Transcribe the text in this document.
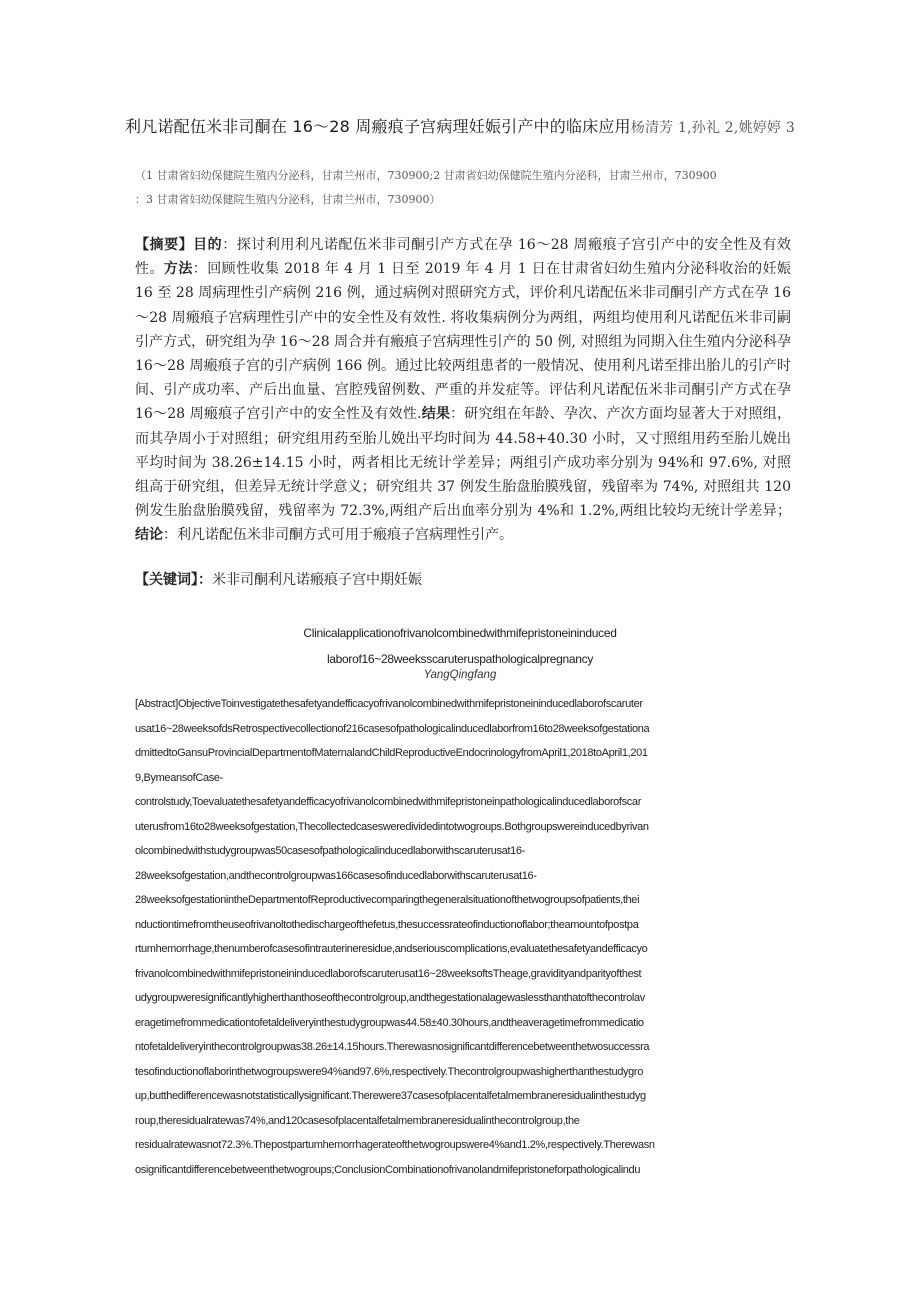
利凡诺配伍米非司酮在 16～28 周瘢痕子宫病理妊娠引产中的临床应用杨清芳 1,孙礼 2,姚婷婷 3
（1 甘肃省妇幼保健院生殖内分泌科，甘肃兰州市，730900;2 甘肃省妇幼保健院生殖内分泌科，甘肃兰州市，730900
：3 甘肃省妇幼保健院生殖内分泌科，甘肃兰州市，730900）
【摘要】目的：探讨利用利凡诺配伍米非司酮引产方式在孕 16～28 周瘢痕子宫引产中的安全性及有效性。方法：回顾性收集 2018 年 4 月 1 日至 2019 年 4 月 1 日在甘肃省妇幼生殖内分泌科收治的妊娠 16 至 28 周病理性引产病例 216 例，通过病例对照研究方式，评价利凡诺配伍米非司酮引产方式在孕 16～28 周瘢痕子宫病理性引产中的安全性及有效性. 将收集病例分为两组，两组均使用利凡诺配伍米非司嗣引产方式，研究组为孕 16～28 周合并有瘢痕子宫病理性引产的 50 例, 对照组为同期入住生殖内分泌科孕 16～28 周瘢痕子宫的引产病例 166 例。通过比较两组患者的一般情况、使用利凡诺至排出胎儿的引产时间、引产成功率、产后出血量、宫腔残留例数、严重的并发症等。评估利凡诺配伍米非司酮引产方式在孕 16～28 周瘢痕子宫引产中的安全性及有效性.结果：研究组在年龄、孕次、产次方面均显著大于对照组，而其孕周小于对照组；研究组用药至胎儿娩出平均时间为 44.58+40.30 小时，又寸照组用药至胎儿娩出平均时间为 38.26±14.15 小时，两者相比无统计学差异；两组引产成功率分别为 94%和 97.6%, 对照组高于研究组，但差异无统计学意义；研究组共 37 例发生胎盘胎膜残留，残留率为 74%, 对照组共 120 例发生胎盘胎膜残留，残留率为 72.3%,两组产后出血率分别为 4%和 1.2%,两组比较均无统计学差异；结论：利凡诺配伍米非司酮方式可用于瘢痕子宫病理性引产。
【关键词】：米非司酮利凡诺瘢痕子宫中期妊娠
Clinicalapplicationofrivanolcombinedwithmifepristoneininduced
laborof16~28weeksscaruteruspathologicalpregnancy
YangQingfang
[Abstract]ObjectiveToinvestigatethesafetyandefficacyofrivanolcombinedwithmifepristoneininducedlaborofscaruter
usat16~28weeksofdsRetrospectivecollectionof216casesofpathologicalinducedlaborfrom16to28weeksofgestationa
dmittedtoGansuProvincialDepartmentofMaternalandChildReproductiveEndocrinologyfromApril1,2018toApril1,201
9,BymeansofCase-
controlstudy,Toevaluatethesafetyandefficacyofrivanolcombinedwithmifepristoneinpathologicalinducedlaborofscar
uterusfrom16to28weeksofgestation,Thecollectedcasesweredividedintotwogroups.Bothgroupswereinducedbyrivan
olcombinedwithstudygroupwas50casesofpathologicalinducedlaborwithscaruterusat16-
28weeksofgestation,andthecontrolgroupwas166casesofinducedlaborwithscaruterusat16-
28weeksofgestationintheDepartmentofReproductivecomparingthegeneralsituationofthetwogroupsofpatients,thei
nductiontimefromtheuseofrivanoltothedischargeofthefetus,thesuccessrateofinductionoflabor;theamountofpostpa
rtumhemorrhage,thenumberofcasesofintrauterineresidue,andseriouscomplications,evaluatethesafetyandefficacyo
frivanolcombinedwithmifepristoneininducedlaborofscaruterusat16~28weeksoftsTheage,gravidityandparityofthest
udygroupweresignificantlyhigherthanthoseofthecontrolgroup,andthegestationalagewaslessthanthatofthecontrolav
eragetimefrommedicationtofetaldeliveryinthestudygroupwas44.58±40.30hours,andtheaveragetimefrommedicatio
ntofetaldeliveryinthecontrolgroupwas38.26±14.15hours.Therewasnosignificantdifferencebetweenthetwosuccessra
tesofinductionoflaborinthetwogroupswere94%and97.6%,respectively.Thecontrolgroupwashigherthanthestudygro
up,butthedifferencewasnotstatisticallysignificant.Therewere37casesofplacentalfetalmembraneresidualinthestudyg
roup,theresidualratewas74%,and120casesofplacentalfetalmembraneresidualinthecontrolgroup,the
residualratewasnot72.3%.Thepostpartumhemorrhagerateofthetwogroupswere4%and1.2%,respectively.Therewasn
osignificantdifferencebetweenthetwogroups;ConclusionCombinationofrivanolandmifepristoneforpathologicalindu
